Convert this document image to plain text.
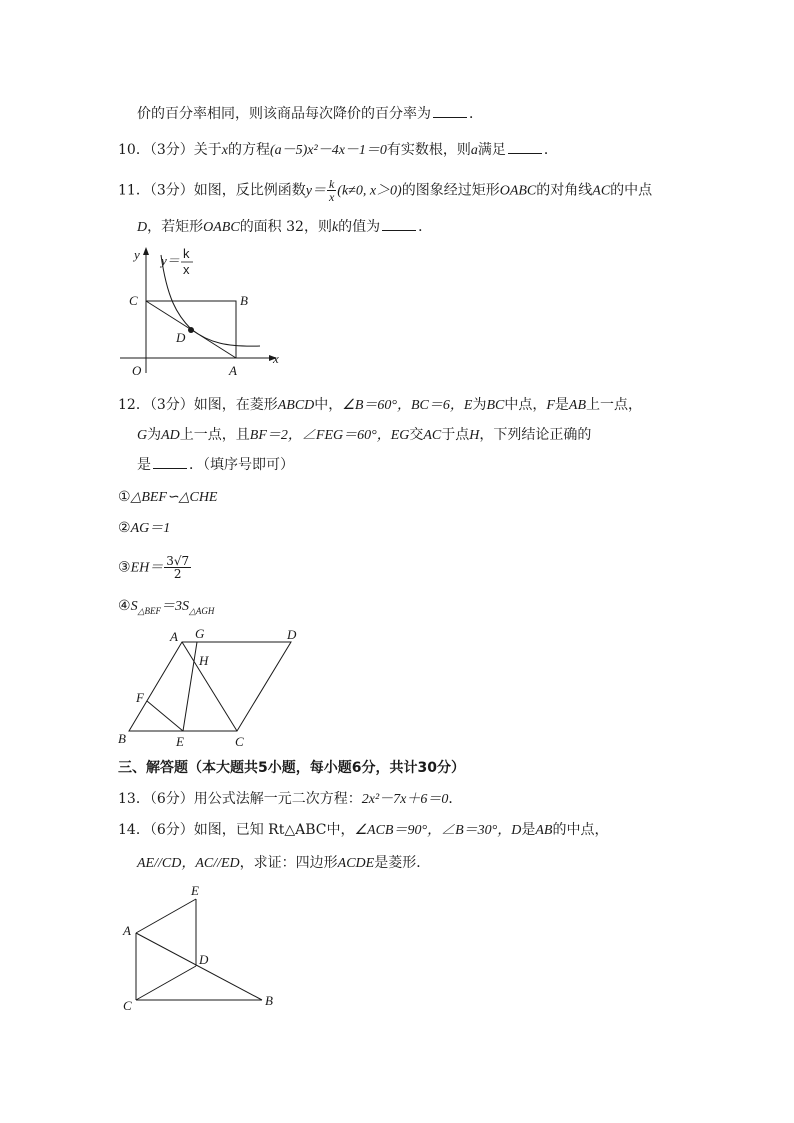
价的百分率相同，则该商品每次降价的百分率为	．
10．（3分）关于x的方程(a－5)x²－4x－1＝0有实数根，则a满足	．
11．（3分）如图，反比例函数$y= \frac{k}{x} (k\ne 0$, x＞0)的图象经过矩形OABC的对角线AC的中点
D，若矩形OABC的面积 32，则k的值为	．
y y＝ k
x
C	B
D
x
O	A
12．（3分）如图，在菱形ABCD中，∠B＝60°，BC＝6，E为BC中点，F是AB上一点，
G为AD上一点，且BF＝2，∠FEG＝60°，EG交AC于点H，下列结论正确的
是	．（填序号即可）
①△BEF∽△CHE
②AG＝1
③EH＝ $\frac{3√7}{2}$
$④S_{\triangle BEF}=3S_{\triangle AGH}$
A G	D
H
F
B	E	C
三、解答题（本大题共5小题，每小题6分，共计30分）
13．（6分）用公式法解一元二次方程：2x²－7x＋6＝0．
14．（6分）如图，已知 Rt△ABC中，∠ACB＝90°，∠B＝30°，D是AB的中点，
AE//CD，AC//ED，求证：四边形ACDE是菱形．
E
A
D
C	B
